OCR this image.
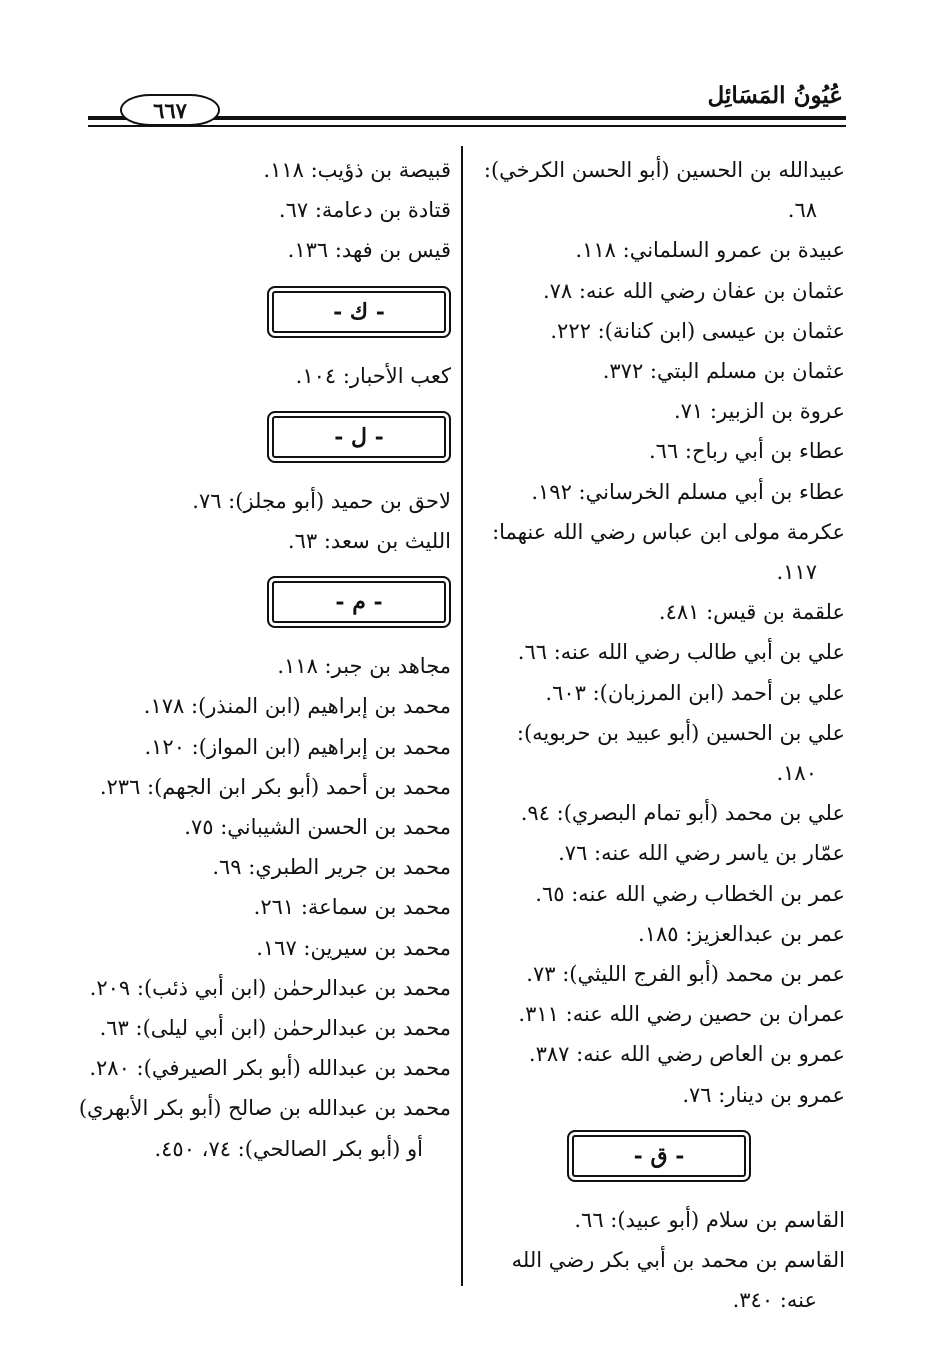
عُيُونُ المَسَائِل
٦٦٧

عبيدالله بن الحسين (أبو الحسن الكرخي): ٦٨.

عبيدة بن عمرو السلماني: ١١٨.

عثمان بن عفان رضي الله عنه: ٧٨.

عثمان بن عيسى (ابن كنانة): ٢٢٢.

عثمان بن مسلم البتي: ٣٧٢.

عروة بن الزبير: ٧١.

عطاء بن أبي رباح: ٦٦.

عطاء بن أبي مسلم الخرساني: ١٩٢.

عكرمة مولى ابن عباس رضي الله عنهما: ١١٧.

علقمة بن قيس: ٤٨١.

علي بن أبي طالب رضي الله عنه: ٦٦.

علي بن أحمد (ابن المرزبان): ٦٠٣.

علي بن الحسين (أبو عبيد بن حربويه): ١٨٠.

علي بن محمد (أبو تمام البصري): ٩٤.

عمّار بن ياسر رضي الله عنه: ٧٦.

عمر بن الخطاب رضي الله عنه: ٦٥.

عمر بن عبدالعزيز: ١٨٥.

عمر بن محمد (أبو الفرج الليثي): ٧٣.

عمران بن حصين رضي الله عنه: ٣١١.

عمرو بن العاص رضي الله عنه: ٣٨٧.

عمرو بن دينار: ٧٦.

- ق -

القاسم بن سلام (أبو عبيد): ٦٦.

القاسم بن محمد بن أبي بكر رضي الله عنه: ٣٤٠.

قبيصة بن ذؤيب: ١١٨.

قتادة بن دعامة: ٦٧.

قيس بن فهد: ١٣٦.

- ك -

كعب الأحبار: ١٠٤.

- ل -

لاحق بن حميد (أبو مجلز): ٧٦.

الليث بن سعد: ٦٣.

- م -

مجاهد بن جبر: ١١٨.

محمد بن إبراهيم (ابن المنذر): ١٧٨.

محمد بن إبراهيم (ابن المواز): ١٢٠.

محمد بن أحمد (أبو بكر ابن الجهم): ٢٣٦.

محمد بن الحسن الشيباني: ٧٥.

محمد بن جرير الطبري: ٦٩.

محمد بن سماعة: ٢٦١.

محمد بن سيرين: ١٦٧.

محمد بن عبدالرحمٰن (ابن أبي ذئب): ٢٠٩.

محمد بن عبدالرحمٰن (ابن أبي ليلى): ٦٣.

محمد بن عبدالله (أبو بكر الصيرفي): ٢٨٠.

محمد بن عبدالله بن صالح (أبو بكر الأبهري) أو (أبو بكر الصالحي): ٧٤، ٤٥٠.
